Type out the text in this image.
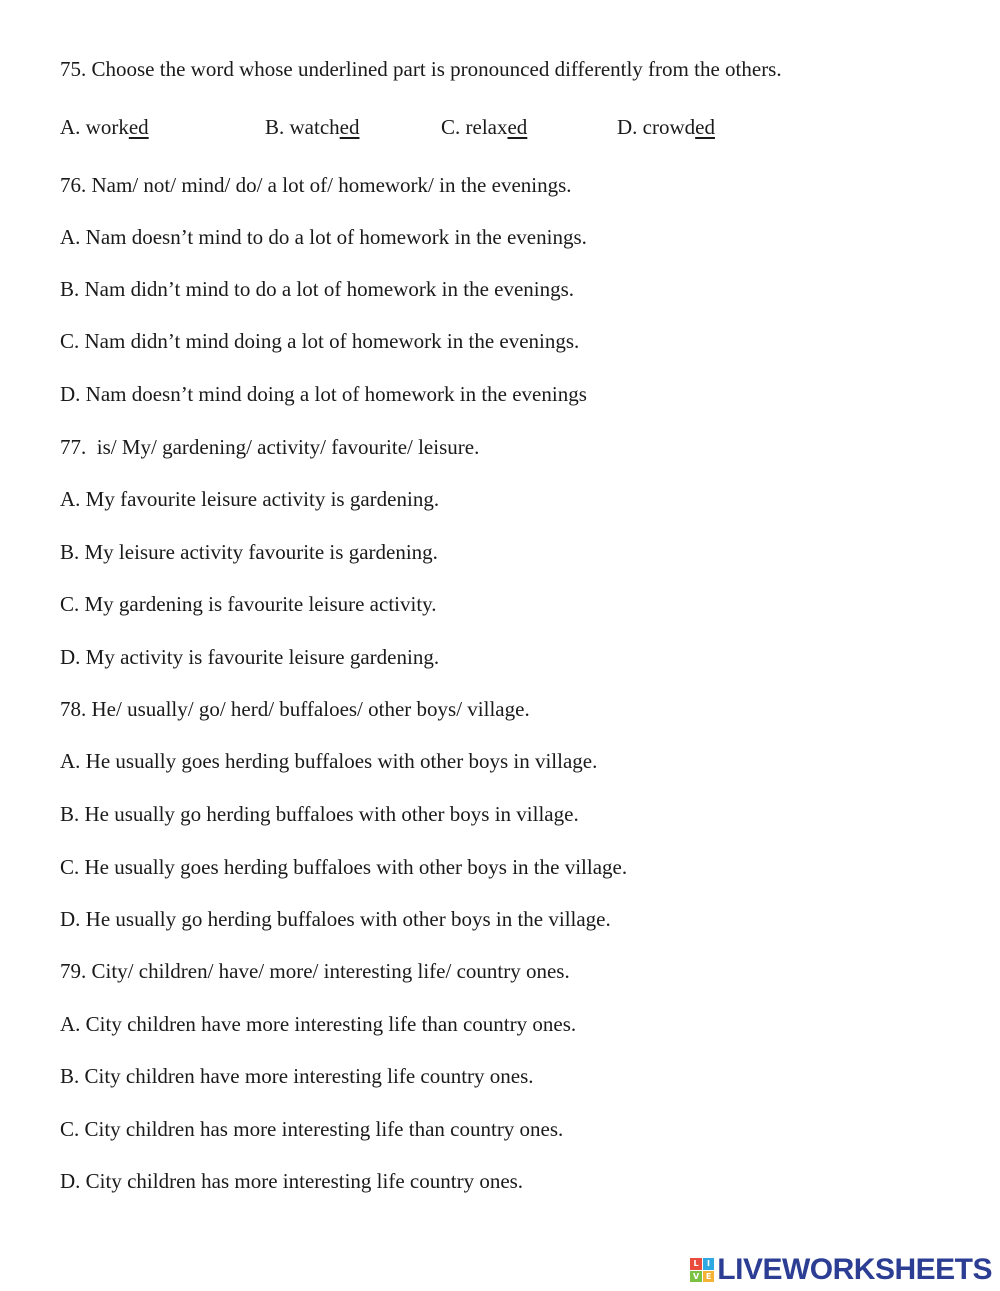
75. Choose the word whose underlined part is pronounced differently from the others.

A. worked	B. watched	C. relaxed	D. crowded

76. Nam/ not/ mind/ do/ a lot of/ homework/ in the evenings.

A. Nam doesn’t mind to do a lot of homework in the evenings.

B. Nam didn’t mind to do a lot of homework in the evenings.

C. Nam didn’t mind doing a lot of homework in the evenings.

D. Nam doesn’t mind doing a lot of homework in the evenings

77.  is/ My/ gardening/ activity/ favourite/ leisure.

A. My favourite leisure activity is gardening.

B. My leisure activity favourite is gardening.

C. My gardening is favourite leisure activity.

D. My activity is favourite leisure gardening.

78. He/ usually/ go/ herd/ buffaloes/ other boys/ village.

A. He usually goes herding buffaloes with other boys in village.

B. He usually go herding buffaloes with other boys in village.

C. He usually goes herding buffaloes with other boys in the village.

D. He usually go herding buffaloes with other boys in the village.

79. City/ children/ have/ more/ interesting life/ country ones.

A. City children have more interesting life than country ones.

B. City children have more interesting life country ones.

C. City children has more interesting life than country ones.

D. City children has more interesting life country ones.

L	I
V E LIVEWORKSHEETS
